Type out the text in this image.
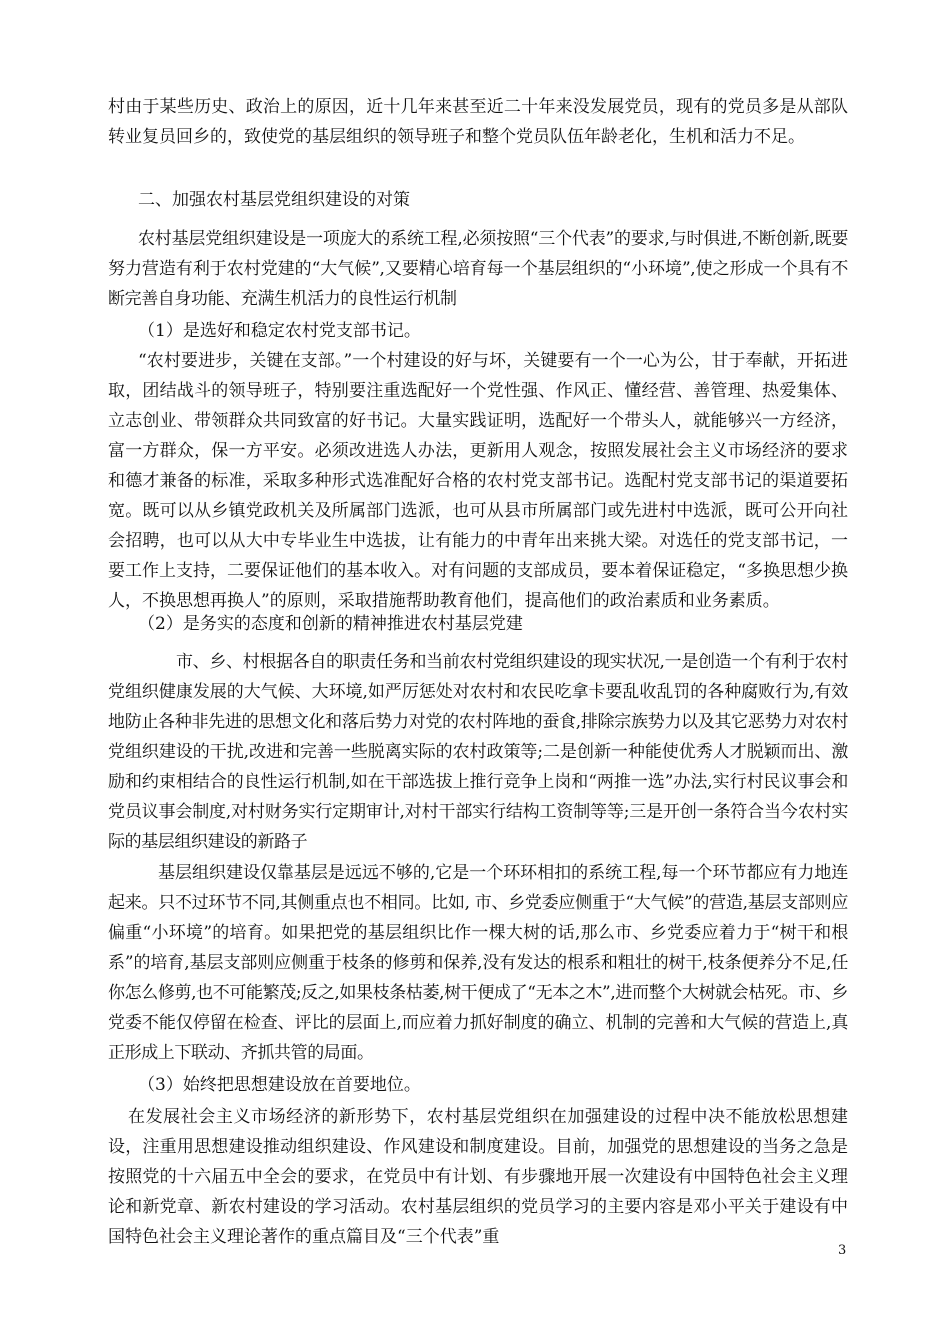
村由于某些历史、政治上的原因，近十几年来甚至近二十年来没发展党员，现有的党员多是从部队转业复员回乡的，致使党的基层组织的领导班子和整个党员队伍年龄老化，生机和活力不足。

二、加强农村基层党组织建设的对策

农村基层党组织建设是一项庞大的系统工程,必须按照“三个代表”的要求,与时俱进,不断创新,既要努力营造有利于农村党建的“大气候”,又要精心培育每一个基层组织的“小环境”,使之形成一个具有不断完善自身功能、充满生机活力的良性运行机制

（1）是选好和稳定农村党支部书记。

“农村要进步，关键在支部。”一个村建设的好与坏，关键要有一个一心为公，甘于奉献，开拓进取，团结战斗的领导班子，特别要注重选配好一个党性强、作风正、懂经营、善管理、热爱集体、立志创业、带领群众共同致富的好书记。大量实践证明，选配好一个带头人，就能够兴一方经济，富一方群众，保一方平安。必须改进选人办法，更新用人观念，按照发展社会主义市场经济的要求和德才兼备的标准，采取多种形式选准配好合格的农村党支部书记。选配村党支部书记的渠道要拓宽。既可以从乡镇党政机关及所属部门选派，也可从县市所属部门或先进村中选派，既可公开向社会招聘，也可以从大中专毕业生中选拔，让有能力的中青年出来挑大梁。对选任的党支部书记，一要工作上支持，二要保证他们的基本收入。对有问题的支部成员，要本着保证稳定，“多换思想少换人，不换思想再换人”的原则，采取措施帮助教育他们，提高他们的政治素质和业务素质。

（2）是务实的态度和创新的精神推进农村基层党建

市、乡、村根据各自的职责任务和当前农村党组织建设的现实状况,一是创造一个有利于农村党组织健康发展的大气候、大环境,如严厉惩处对农村和农民吃拿卡要乱收乱罚的各种腐败行为,有效地防止各种非先进的思想文化和落后势力对党的农村阵地的蚕食,排除宗族势力以及其它恶势力对农村党组织建设的干扰,改进和完善一些脱离实际的农村政策等;二是创新一种能使优秀人才脱颖而出、激励和约束相结合的良性运行机制,如在干部选拔上推行竞争上岗和“两推一选”办法,实行村民议事会和党员议事会制度,对村财务实行定期审计,对村干部实行结构工资制等等;三是开创一条符合当今农村实际的基层组织建设的新路子

基层组织建设仅靠基层是远远不够的,它是一个环环相扣的系统工程,每一个环节都应有力地连起来。只不过环节不同,其侧重点也不相同。比如, 市、乡党委应侧重于“大气候”的营造,基层支部则应偏重“小环境”的培育。如果把党的基层组织比作一棵大树的话,那么市、乡党委应着力于“树干和根系”的培育,基层支部则应侧重于枝条的修剪和保养,没有发达的根系和粗壮的树干,枝条便养分不足,任你怎么修剪,也不可能繁茂;反之,如果枝条枯萎,树干便成了“无本之木”,进而整个大树就会枯死。市、乡党委不能仅停留在检查、评比的层面上,而应着力抓好制度的确立、机制的完善和大气候的营造上,真正形成上下联动、齐抓共管的局面。

（3）始终把思想建设放在首要地位。

在发展社会主义市场经济的新形势下，农村基层党组织在加强建设的过程中决不能放松思想建设，注重用思想建设推动组织建设、作风建设和制度建设。目前，加强党的思想建设的当务之急是按照党的十六届五中全会的要求，在党员中有计划、有步骤地开展一次建设有中国特色社会主义理论和新党章、新农村建设的学习活动。农村基层组织的党员学习的主要内容是邓小平关于建设有中国特色社会主义理论著作的重点篇目及“三个代表”重

3
